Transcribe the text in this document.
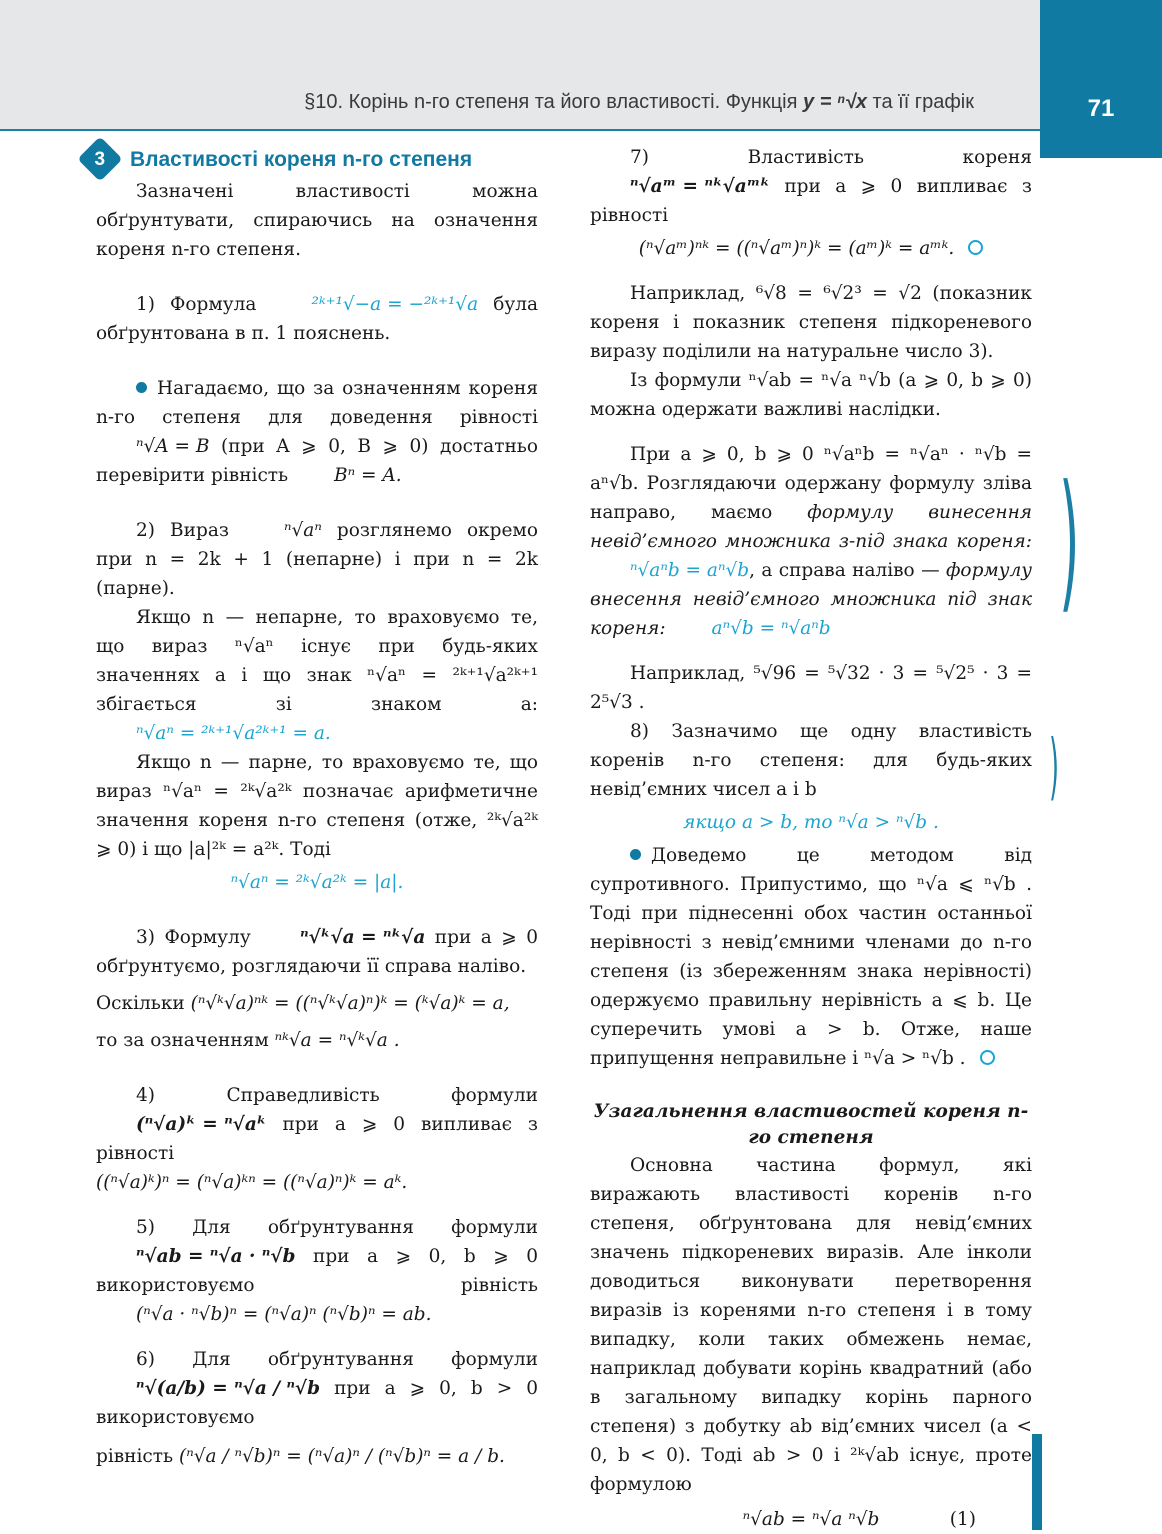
§10. Корінь n-го степеня та його властивості. Функція y = ⁿ√x та її графік	71
3 Властивості кореня n-го степеня

Зазначені властивості можна обґрунтувати, спираючись на означення кореня n-го степеня.

1) Формула	²ᵏ⁺¹√−a = −²ᵏ⁺¹√a була обґрунтована в п. 1 пояснень.

Нагадаємо, що за означенням кореня n-го степеня для доведення рівності ⁿ√A = B (при A ⩾ 0, B ⩾ 0) достатньо перевірити рівність Bⁿ = A.

2) Вираз	ⁿ√aⁿ розглянемо окремо при n = 2k + 1 (непарне) і при n = 2k (парне).

Якщо n — непарне, то враховуємо те, що вираз ⁿ√aⁿ існує при будь-яких значеннях a і що знак ⁿ√aⁿ = ²ᵏ⁺¹√a²ᵏ⁺¹ збігається зі знаком a: ⁿ√aⁿ = ²ᵏ⁺¹√a²ᵏ⁺¹ = a.

Якщо n — парне, то враховуємо те, що вираз ⁿ√aⁿ = ²ᵏ√a²ᵏ позначає арифметичне значення кореня n-го степеня (отже, ²ᵏ√a²ᵏ ⩾ 0) і що |a|²ᵏ = a²ᵏ. Тоді

ⁿ√aⁿ = ²ᵏ√a²ᵏ = |a|.

3) Формулу	ⁿ√ᵏ√a = ⁿᵏ√a при a ⩾ 0 обґрунтуємо, розглядаючи її справа наліво.

Оскільки (ⁿ√ᵏ√a)ⁿᵏ = ((ⁿ√ᵏ√a)ⁿ)ᵏ = (ᵏ√a)ᵏ = a,

то за означенням ⁿᵏ√a = ⁿ√ᵏ√a .

4) Справедливість формули (ⁿ√a)ᵏ = ⁿ√aᵏ при a ⩾ 0 випливає з рівності

((ⁿ√a)ᵏ)ⁿ = (ⁿ√a)ᵏⁿ = ((ⁿ√a)ⁿ)ᵏ = aᵏ.

5) Для обґрунтування формули ⁿ√ab = ⁿ√a · ⁿ√b при a ⩾ 0, b ⩾ 0 використовуємо рівність (ⁿ√a · ⁿ√b)ⁿ = (ⁿ√a)ⁿ (ⁿ√b)ⁿ = ab.

6) Для обґрунтування формули ⁿ√(a/b) = ⁿ√a / ⁿ√b при a ⩾ 0, b > 0 використовуємо

рівність (ⁿ√a / ⁿ√b)ⁿ = (ⁿ√a)ⁿ / (ⁿ√b)ⁿ = a / b.

7) Властивість кореня ⁿ√aᵐ = ⁿᵏ√aᵐᵏ при a ⩾ 0 випливає з рівності

(ⁿ√aᵐ)ⁿᵏ = ((ⁿ√aᵐ)ⁿ)ᵏ = (aᵐ)ᵏ = aᵐᵏ.

Наприклад, ⁶√8 = ⁶√2³ = √2 (показник кореня і показник степеня підкореневого виразу поділили на натуральне число 3).

Із формули ⁿ√ab = ⁿ√a ⁿ√b (a ⩾ 0, b ⩾ 0) можна одержати важливі наслідки.

При a ⩾ 0, b ⩾ 0 ⁿ√aⁿb = ⁿ√aⁿ · ⁿ√b = aⁿ√b. Розглядаючи одержану формулу зліва направо, маємо формулу винесення невід’ємного множника з-під знака кореня: ⁿ√aⁿb = aⁿ√b, а справа наліво — формулу внесення невід’ємного множника під знак кореня: aⁿ√b = ⁿ√aⁿb

Наприклад, ⁵√96 = ⁵√32 · 3 = ⁵√2⁵ · 3 = 2⁵√3 .

8) Зазначимо ще одну властивість коренів n-го степеня: для будь-яких невід’ємних чисел a і b

якщо a > b, то ⁿ√a > ⁿ√b .

Доведемо це методом від супротивного. Припустимо, що ⁿ√a ⩽ ⁿ√b . Тоді при піднесенні обох частин останньої нерівності з невід’ємними членами до n-го степеня (із збереженням знака нерівності) одержуємо правильну нерівність a ⩽ b. Це суперечить умові a > b. Отже, наше припущення неправильне і ⁿ√a > ⁿ√b .

Узагальнення властивостей кореня n-го степеня

Основна частина формул, які виражають властивості коренів n-го степеня, обґрунтована для невід’ємних значень підкореневих виразів. Але інколи доводиться виконувати перетворення виразів із коренями n-го степеня і в тому випадку, коли таких обмежень немає, наприклад добувати корінь квадратний (або в загальному випадку корінь парного степеня) з добутку ab від’ємних чисел (a < 0, b < 0). Тоді ab > 0 і ²ᵏ√ab існує, проте формулою

ⁿ√ab = ⁿ√a ⁿ√b	(1)

)
)
